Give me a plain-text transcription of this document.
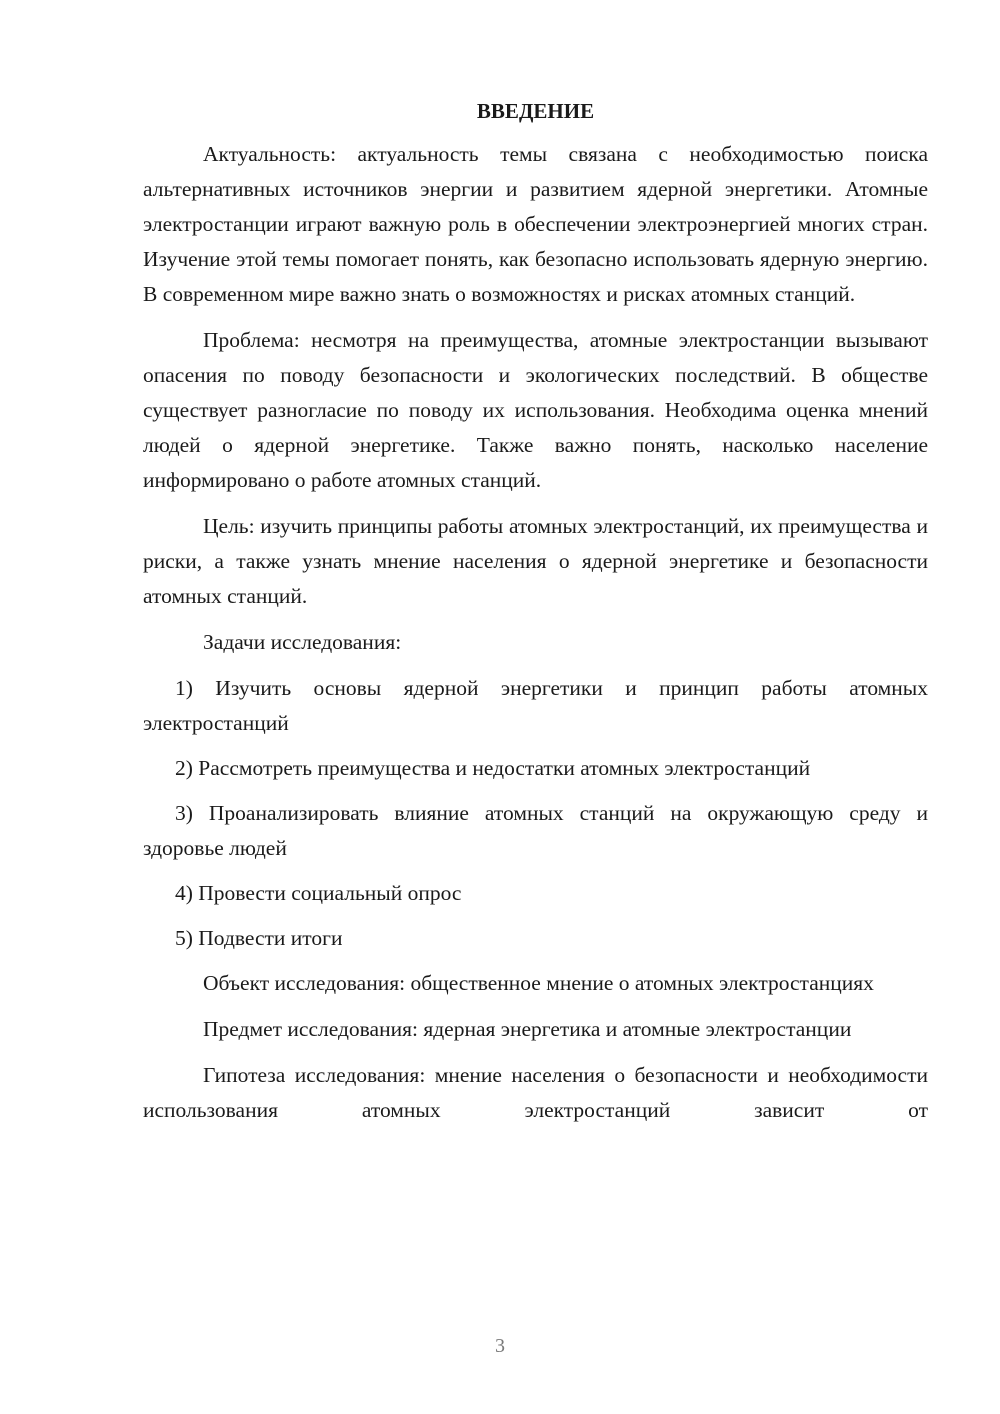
ВВЕДЕНИЕ

Актуальность: актуальность темы связана с необходимостью поиска альтернативных источников энергии и развитием ядерной энергетики. Атомные электростанции играют важную роль в обеспечении электроэнергией многих стран. Изучение этой темы помогает понять, как безопасно использовать ядерную энергию. В современном мире важно знать о возможностях и рисках атомных станций.

Проблема: несмотря на преимущества, атомные электростанции вызывают опасения по поводу безопасности и экологических последствий. В обществе существует разногласие по поводу их использования. Необходима оценка мнений людей о ядерной энергетике. Также важно понять, насколько население информировано о работе атомных станций.

Цель: изучить принципы работы атомных электростанций, их преимущества и риски, а также узнать мнение населения о ядерной энергетике и безопасности атомных станций.

Задачи исследования:

1) Изучить основы ядерной энергетики и принцип работы атомных электростанций

2) Рассмотреть преимущества и недостатки атомных электростанций

3) Проанализировать влияние атомных станций на окружающую среду и здоровье людей

4) Провести социальный опрос

5) Подвести итоги

Объект исследования: общественное мнение о атомных электростанциях

Предмет исследования: ядерная энергетика и атомные электростанции

Гипотеза исследования: мнение населения о безопасности и необходимости использования атомных электростанций зависит от

3
